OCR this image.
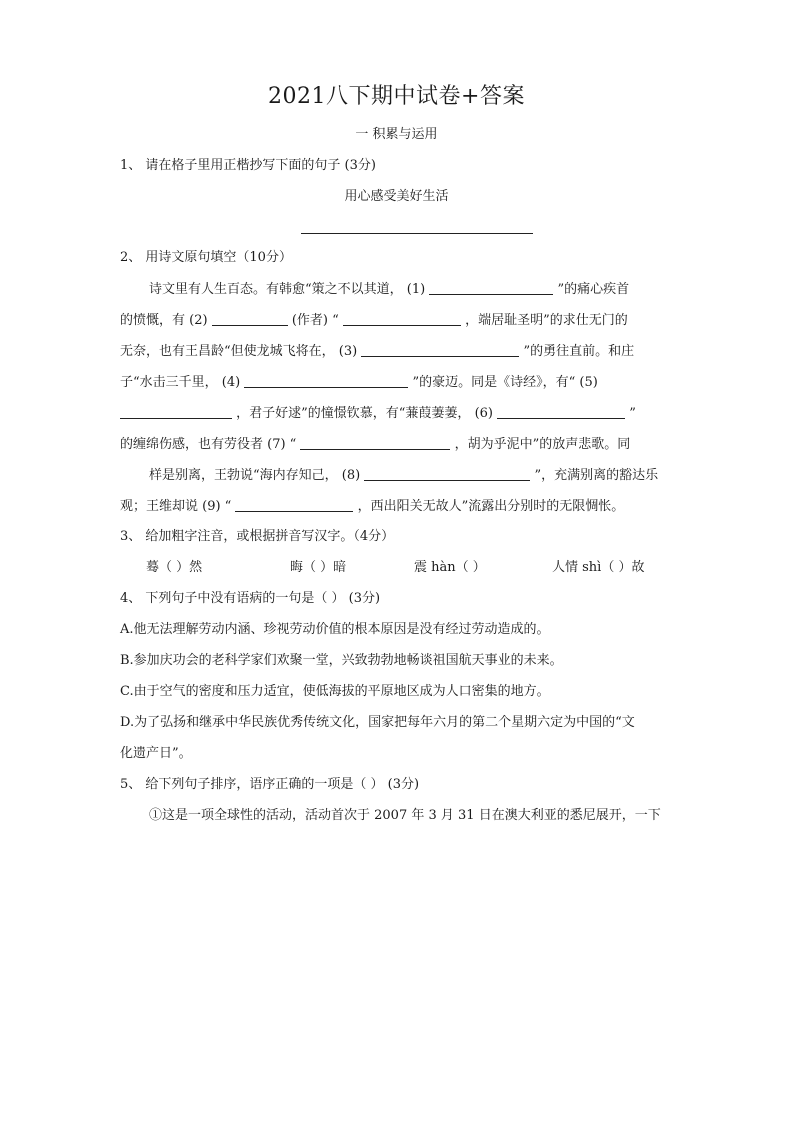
2021八下期中试卷+答案
一 积累与运用
1、 请在格子里用正楷抄写下面的句子 (3分)
用心感受美好生活
2、 用诗文原句填空（10分）
诗文里有人生百态。有韩愈“策之不以其道， (1)	”的痛心疾首
的愤慨，有 (2)	(作者) “	，端居耻圣明”的求仕无门的
无奈，也有王昌龄“但使龙城飞将在， (3)	”的勇往直前。和庄
子“水击三千里， (4)	”的豪迈。同是《诗经》，有“ (5)
，君子好逑”的憧憬钦慕，有“蒹葭萋萋， (6)	”
的缠绵伤感，也有劳役者 (7) “	，胡为乎泥中”的放声悲歌。同
样是别离，王勃说“海内存知己， (8)	”，充满别离的豁达乐
观；王维却说 (9) “	，西出阳关无故人”流露出分别时的无限惆怅。
3、 给加粗字注音，或根据拼音写汉字。（4分）
蓦（ ）然	晦（ ）暗	震 hàn（ ）	人情 shì（ ）故
4、 下列句子中没有语病的一句是（ ） (3分)
A.他无法理解劳动内涵、珍视劳动价值的根本原因是没有经过劳动造成的。
B.参加庆功会的老科学家们欢聚一堂，兴致勃勃地畅谈祖国航天事业的未来。
C.由于空气的密度和压力适宜，使低海拔的平原地区成为人口密集的地方。
D.为了弘扬和继承中华民族优秀传统文化，国家把每年六月的第二个星期六定为中国的“文
化遗产日”。
5、 给下列句子排序，语序正确的一项是（ ） (3分)
①这是一项全球性的活动，活动首次于 2007 年 3 月 31 日在澳大利亚的悉尼展开，一下
